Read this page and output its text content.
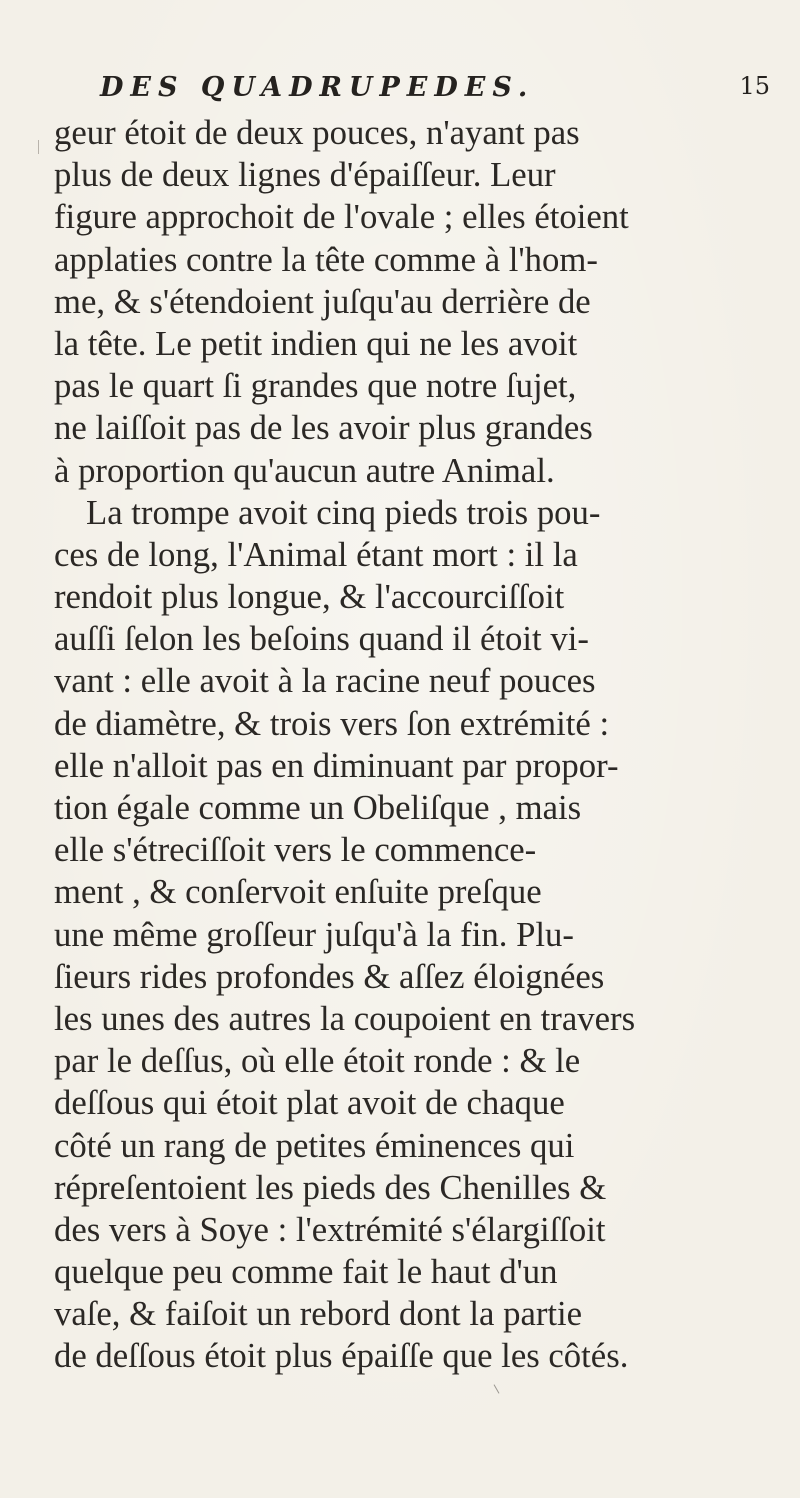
DES QUADRUPEDES.	15
geur étoit de deux pouces, n'ayant pas
plus de deux lignes d'épaiſſeur. Leur
figure approchoit de l'ovale ; elles étoient
applaties contre la tête comme à l'hom-
me, & s'étendoient juſqu'au derrière de
la tête. Le petit indien qui ne les avoit
pas le quart ſi grandes que notre ſujet,
ne laiſſoit pas de les avoir plus grandes
à proportion qu'aucun autre Animal.
La trompe avoit cinq pieds trois pou-
ces de long, l'Animal étant mort : il la
rendoit plus longue, & l'accourciſſoit
auſſi ſelon les beſoins quand il étoit vi-
vant : elle avoit à la racine neuf pouces
de diamètre, & trois vers ſon extrémité :
elle n'alloit pas en diminuant par propor-
tion égale comme un Obeliſque , mais
elle s'étreciſſoit vers le commence-
ment , & conſervoit enſuite preſque
une même groſſeur juſqu'à la fin. Plu-
ſieurs rides profondes & aſſez éloignées
les unes des autres la coupoient en travers
par le deſſus, où elle étoit ronde : & le
deſſous qui étoit plat avoit de chaque
côté un rang de petites éminences qui
répreſentoient les pieds des Chenilles &
des vers à Soye : l'extrémité s'élargiſſoit
quelque peu comme fait le haut d'un
vaſe, & faiſoit un rebord dont la partie
de deſſous étoit plus épaiſſe que les côtés.
